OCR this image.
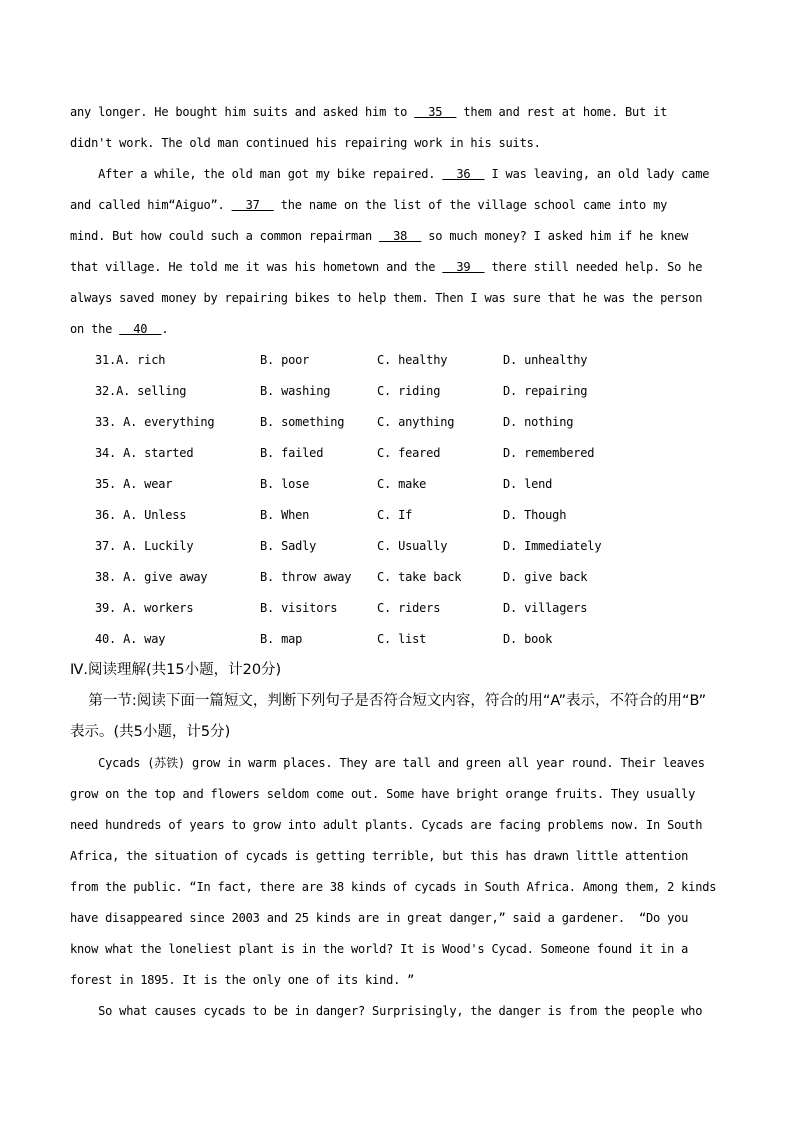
any longer. He bought him suits and asked him to   35   them and rest at home. But it
didn't work. The old man continued his repairing work in his suits.
After a while, the old man got my bike repaired.   36   I was leaving, an old lady came
and called him“Aiguo”.   37   the name on the list of the village school came into my
mind. But how could such a common repairman   38   so much money? I asked him if he knew
that village. He told me it was his hometown and the   39   there still needed help. So he
always saved money by repairing bikes to help them. Then I was sure that he was the person
on the   40  .
31.A. rich	B. poor	C. healthy	D. unhealthy
32.A. selling	B. washing	C. riding	D. repairing
33. A. everything	B. something	C. anything	D. nothing
34. A. started	B. failed	C. feared	D. remembered
35. A. wear	B. lose	C. make	D. lend
36. A. Unless	B. When	C. If	D. Though
37. A. Luckily	B. Sadly	C. Usually	D. Immediately
38. A. give away	B. throw away	C. take back	D. give back
39. A. workers	B. visitors	C. riders	D. villagers
40. A. way	B. map	C. list	D. book
Ⅳ.阅读理解(共15小题，计20分)
第一节:阅读下面一篇短文，判断下列句子是否符合短文内容，符合的用“A”表示，不符合的用“B”
表示。(共5小题，计5分)
Cycads (苏铁) grow in warm places. They are tall and green all year round. Their leaves
grow on the top and flowers seldom come out. Some have bright orange fruits. They usually
need hundreds of years to grow into adult plants. Cycads are facing problems now. In South
Africa, the situation of cycads is getting terrible, but this has drawn little attention
from the public. “In fact, there are 38 kinds of cycads in South Africa. Among them, 2 kinds
have disappeared since 2003 and 25 kinds are in great danger,” said a gardener.  “Do you
know what the loneliest plant is in the world? It is Wood's Cycad. Someone found it in a
forest in 1895. It is the only one of its kind. ”
So what causes cycads to be in danger? Surprisingly, the danger is from the people who
